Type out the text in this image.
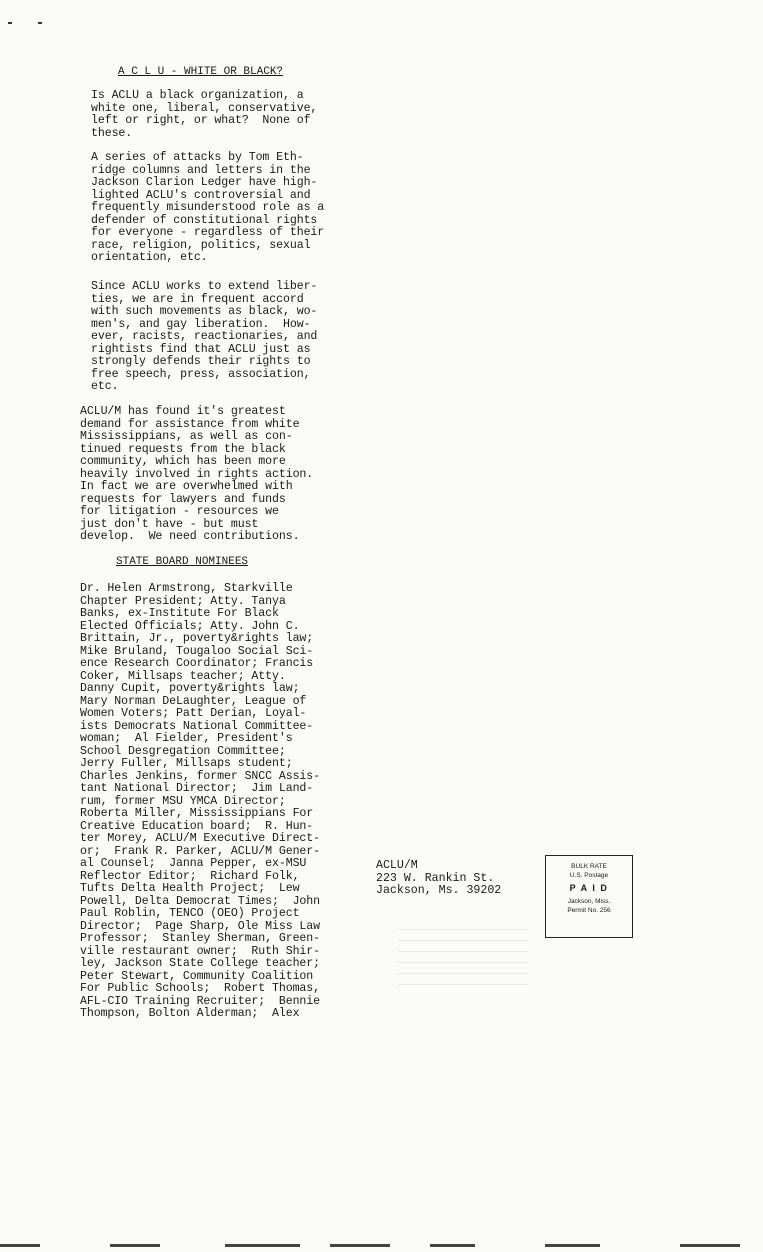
A C L U - WHITE OR BLACK?

Is ACLU a black organization, a
white one, liberal, conservative,
left or right, or what?  None of
these.

A series of attacks by Tom Eth-
ridge columns and letters in the
Jackson Clarion Ledger have high-
lighted ACLU's controversial and
frequently misunderstood role as a
defender of constitutional rights
for everyone - regardless of their
race, religion, politics, sexual
orientation, etc.

Since ACLU works to extend liber-
ties, we are in frequent accord
with such movements as black, wo-
men's, and gay liberation.  How-
ever, racists, reactionaries, and
rightists find that ACLU just as
strongly defends their rights to
free speech, press, association,
etc.

ACLU/M has found it's greatest
demand for assistance from white
Mississippians, as well as con-
tinued requests from the black
community, which has been more
heavily involved in rights action.
In fact we are overwhelmed with
requests for lawyers and funds
for litigation - resources we
just don't have - but must
develop.  We need contributions.

STATE BOARD NOMINEES

Dr. Helen Armstrong, Starkville
Chapter President; Atty. Tanya
Banks, ex-Institute For Black
Elected Officials; Atty. John C.
Brittain, Jr., poverty&rights law;
Mike Bruland, Tougaloo Social Sci-
ence Research Coordinator; Francis
Coker, Millsaps teacher; Atty.
Danny Cupit, poverty&rights law;
Mary Norman DeLaughter, League of
Women Voters; Patt Derian, Loyal-
ists Democrats National Committee-
woman;  Al Fielder, President's
School Desgregation Committee;
Jerry Fuller, Millsaps student;
Charles Jenkins, former SNCC Assis-
tant National Director;  Jim Land-
rum, former MSU YMCA Director;
Roberta Miller, Mississippians For
Creative Education board;  R. Hun-
ter Morey, ACLU/M Executive Direct-
or;  Frank R. Parker, ACLU/M Gener-
al Counsel;  Janna Pepper, ex-MSU
Reflector Editor;  Richard Folk,
Tufts Delta Health Project;  Lew
Powell, Delta Democrat Times;  John
Paul Roblin, TENCO (OEO) Project
Director;  Page Sharp, Ole Miss Law
Professor;  Stanley Sherman, Green-
ville restaurant owner;  Ruth Shir-
ley, Jackson State College teacher;
Peter Stewart, Community Coalition
For Public Schools;  Robert Thomas,
AFL-CIO Training Recruiter;  Bennie
Thompson, Bolton Alderman;  Alex

ACLU/M
223 W. Rankin St.
Jackson, Ms. 39202

BULK RATE
U.S. Postage
P A I D
Jackson, Miss.
Permit No. 256
